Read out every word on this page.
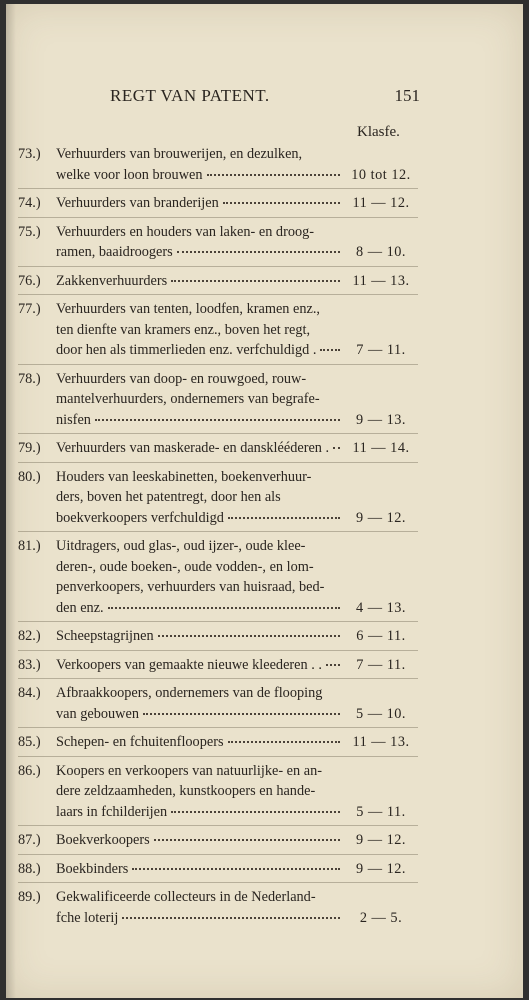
REGT VAN PATENT.	151
Klasfe.
73.)	Verhuurders van brouwerijen, en dezulken,
welke voor loon brouwen	10 tot 12.
74.)	Verhuurders van branderijen	11 — 12.
75.)	Verhuurders en houders van laken- en droog-
ramen, baaidroogers	8 — 10.
76.)	Zakkenverhuurders	11 — 13.
77.)	Verhuurders van tenten, loodfen, kramen enz.,
ten dienfte van kramers enz., boven het regt,
door hen als timmerlieden enz. verfchuldigd .	7 — 11.
78.)	Verhuurders van doop- en rouwgoed, rouw-
mantelverhuurders, ondernemers van begrafe-
nisfen	9 — 13.
79.)	Verhuurders van maskerade- en dansklééderen .	11 — 14.
80.)	Houders van leeskabinetten, boekenverhuur-
ders, boven het patentregt, door hen als
boekverkoopers verfchuldigd	9 — 12.
81.)	Uitdragers, oud glas-, oud ijzer-, oude klee-
deren-, oude boeken-, oude vodden-, en lom-
penverkoopers, verhuurders van huisraad, bed-
den enz.	4 — 13.
82.)	Scheepstagrijnen	6 — 11.
83.)	Verkoopers van gemaakte nieuwe kleederen . .	7 — 11.
84.)	Afbraakkoopers, ondernemers van de flooping
van gebouwen	5 — 10.
85.)	Schepen- en fchuitenfloopers	11 — 13.
86.)	Koopers en verkoopers van natuurlijke- en an-
dere zeldzaamheden, kunstkoopers en hande-
laars in fchilderijen	5 — 11.
87.)	Boekverkoopers	9 — 12.
88.)	Boekbinders	9 — 12.
89.)	Gekwalificeerde collecteurs in de Nederland-
fche loterij	2 — 5.
